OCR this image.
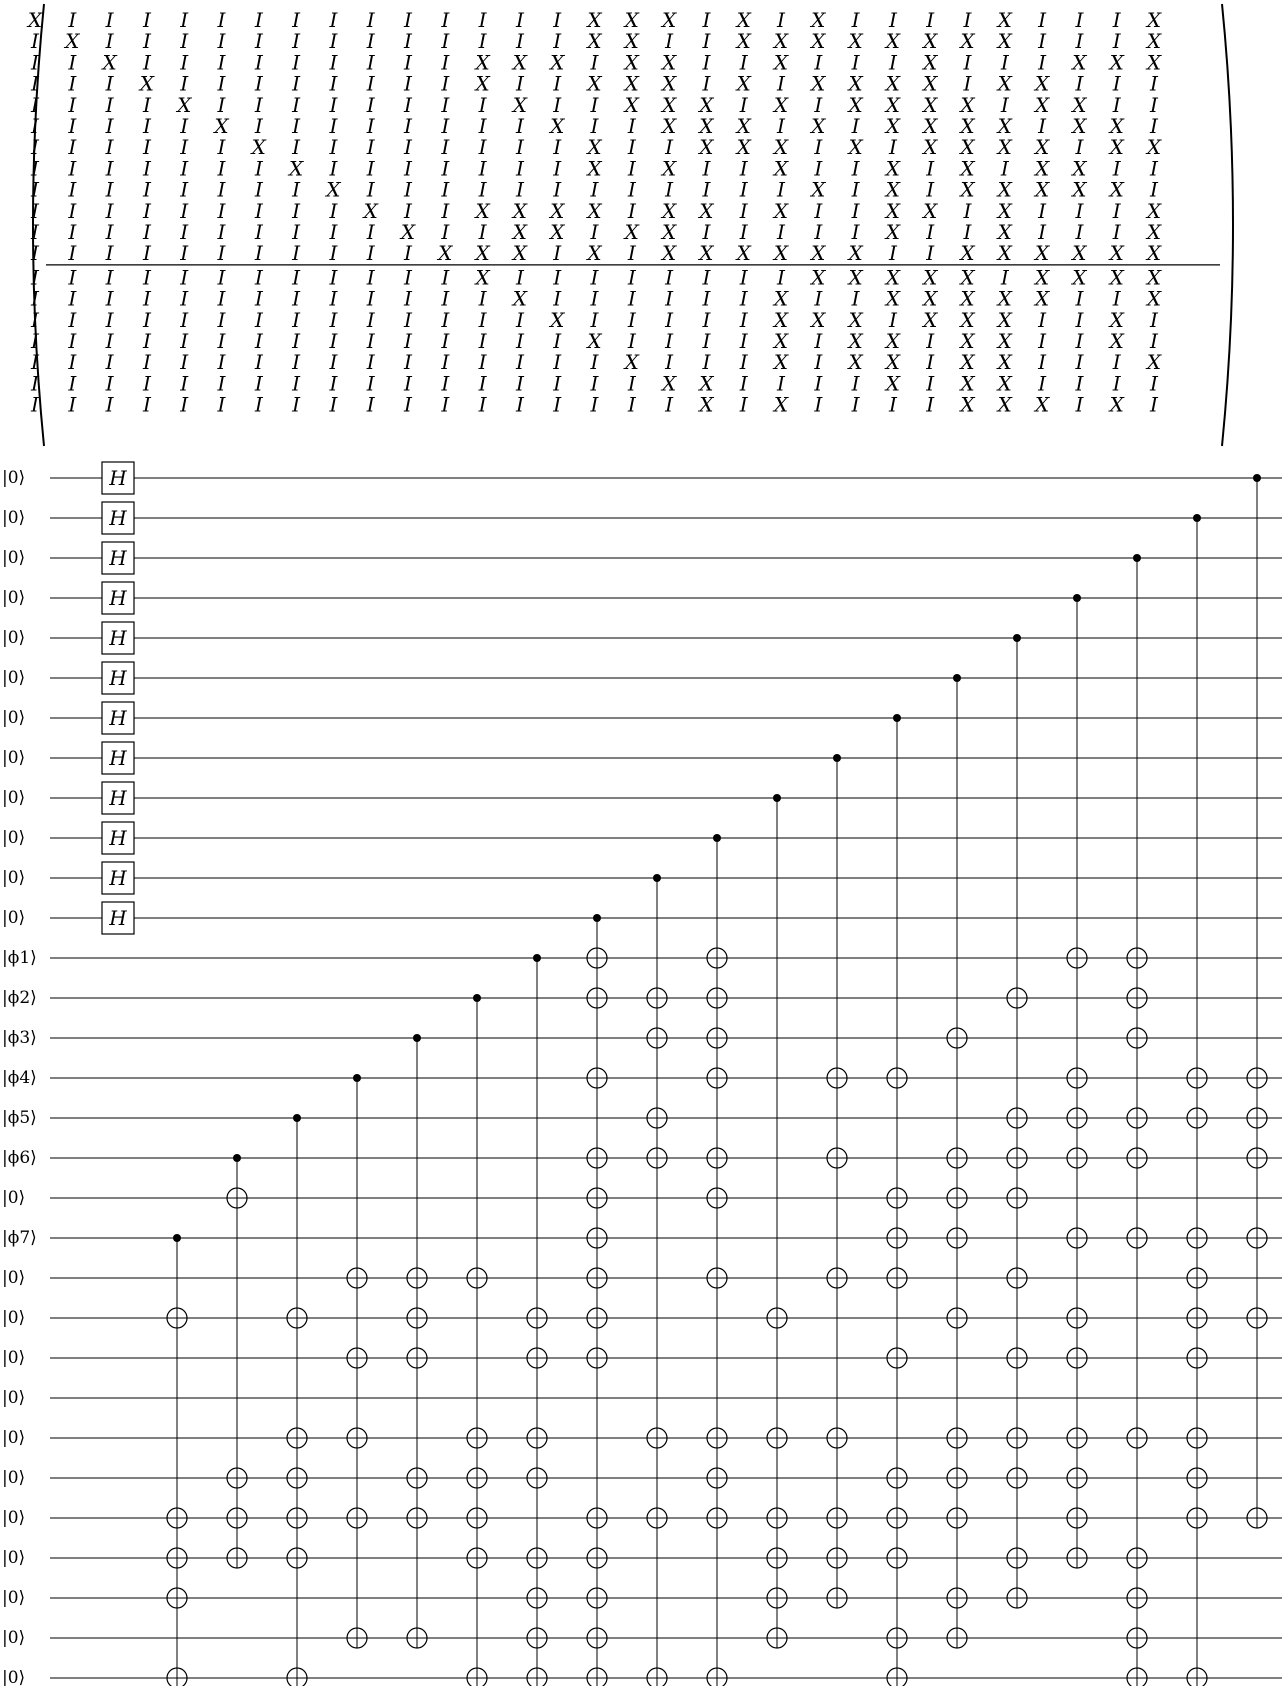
X I I I I I I I I I I I I I I X X X I X I X I I I I X I I I X
I X I I I I I I I I I I I I I X X I I X X X X X X X X I I I X
I I X I I I I I I I I I X X X I X X I I X I I I X I I I X X X
I I I X I I I I I I I I X I I X X X I X I X X X X I X X I I I
I I I I X I I I I I I I I X I I X X X I X I X X X X I X X I I
I I I I I X I I I I I I I I X I I X X X I X I X X X X I X X I
I I I I I I X I I I I I I I I X I I X X X I X I X X X X I X X
I I I I I I I X I I I I I I I X I X I I X I I X I X I X X I I
I I I I I I I I X I I I I I I I I I I I I X I X I X X X X X I
I I I I I I I I I X I I X X X X I X X I X I I X X I X I I I X
I I I I I I I I I I X I I X X I X X I I I I I X I I X I I I X
I I I I I I I I I I I X X X I X I X X X X X X I I X X X X X X
I I I I I I I I I I I I X I I I I I I I I X X X X X I X X X X
I I I I I I I I I I I I I X I I I I I I X I I X X X X X I I X
I I I I I I I I I I I I I I X I I I I I X X X I X X X I I X I
I I I I I I I I I I I I I I I X I I I I X I X X I X X I I X I
I I I I I I I I I I I I I I I I X I I I X I X X I X X I I I X
I I I I I I I I I I I I I I I I I X X I I I I X I X X I I I I
I I I I I I I I I I I I I I I I I I X I X I I I I X X X I X I
|0⟩
|0⟩
|0⟩
|0⟩
|0⟩
|0⟩
|0⟩
|0⟩
|0⟩
|0⟩
|0⟩
|0⟩
|ϕ1⟩
|ϕ2⟩
|ϕ3⟩
|ϕ4⟩
|ϕ5⟩
|ϕ6⟩
|0⟩
|ϕ7⟩
|0⟩
|0⟩
|0⟩
|0⟩
|0⟩
|0⟩
|0⟩
|0⟩
|0⟩
|0⟩
|0⟩
H
H
H
H
H
H
H
H
H
H
H
H
